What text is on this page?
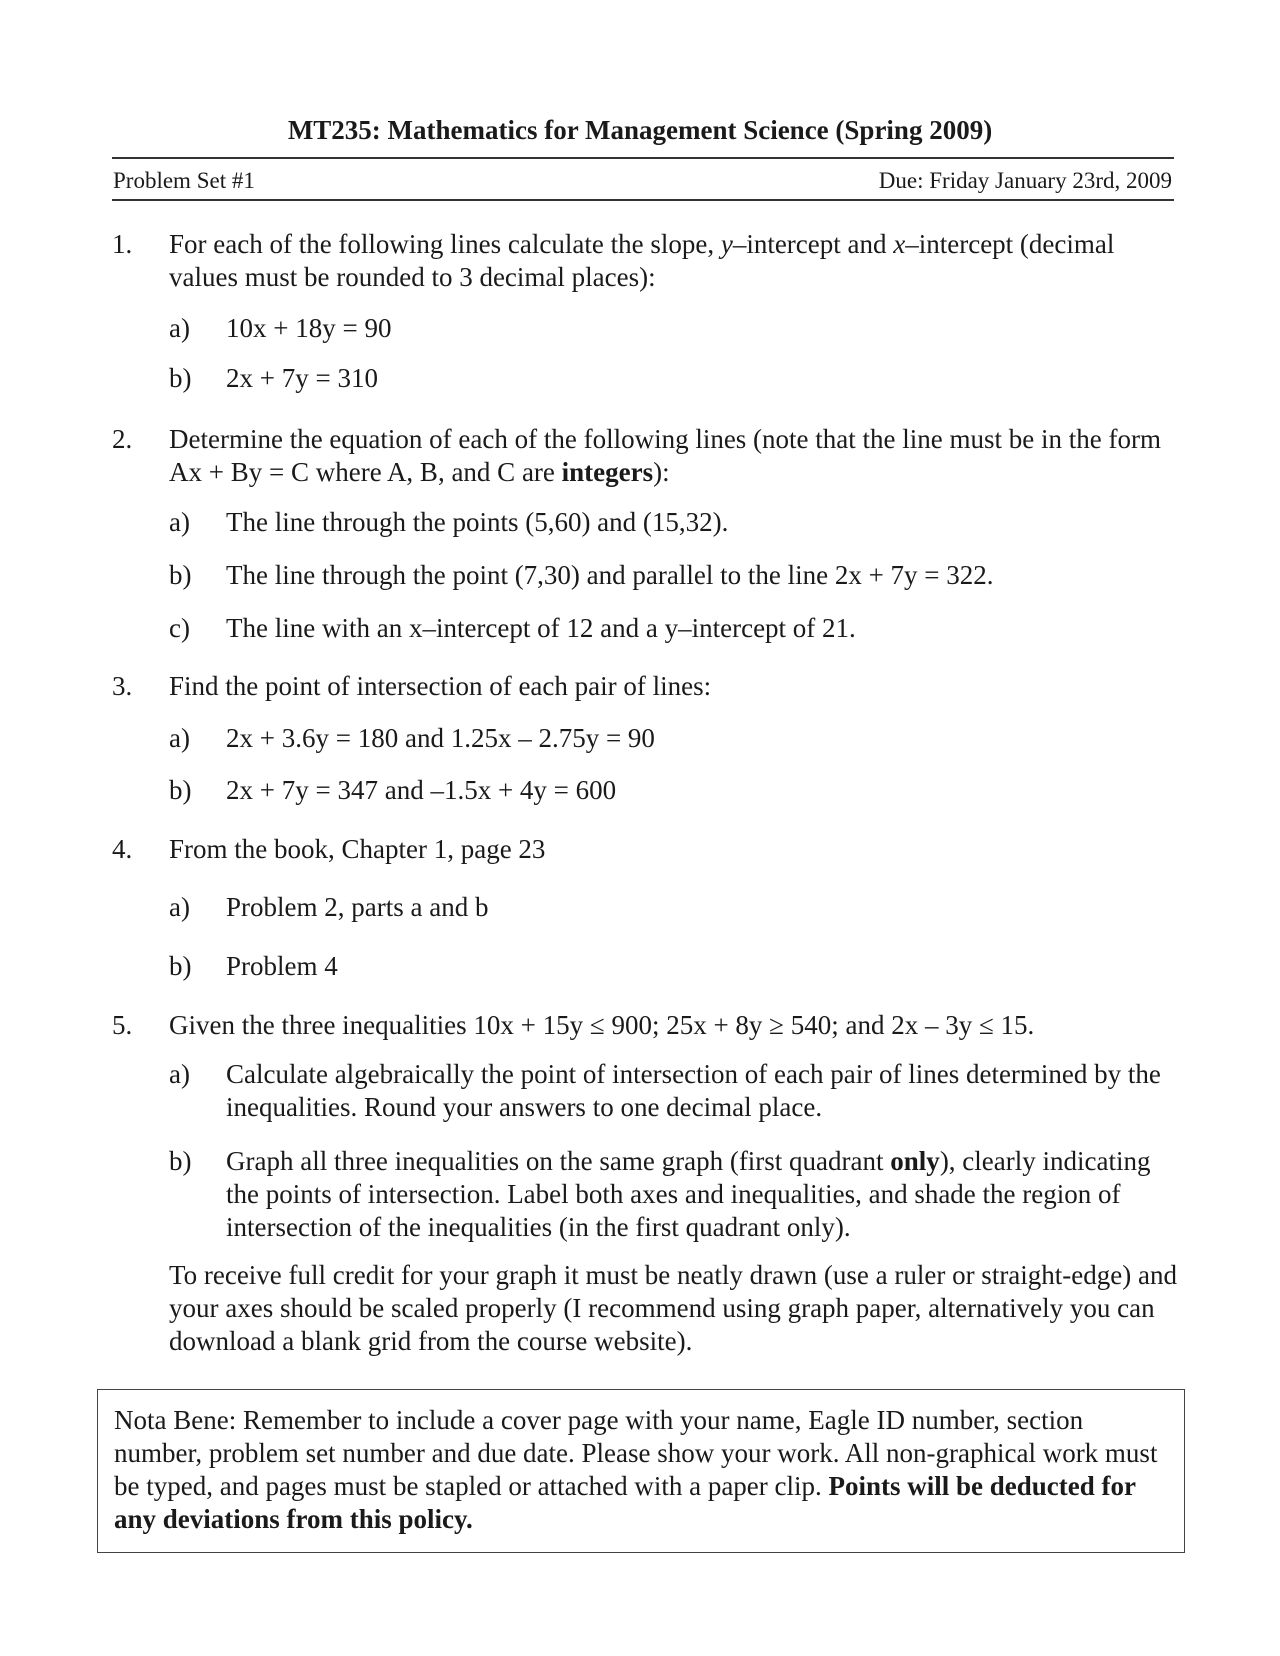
MT235: Mathematics for Management Science (Spring 2009)
Problem Set #1	Due: Friday January 23rd, 2009
1. For each of the following lines calculate the slope, y–intercept and x–intercept (decimal values must be rounded to 3 decimal places):
a) 10x + 18y = 90
b) 2x + 7y = 310
2. Determine the equation of each of the following lines (note that the line must be in the form Ax + By = C where A, B, and C are integers):
a) The line through the points (5,60) and (15,32).
b) The line through the point (7,30) and parallel to the line 2x + 7y = 322.
c) The line with an x–intercept of 12 and a y–intercept of 21.
3. Find the point of intersection of each pair of lines:
a) 2x + 3.6y = 180 and 1.25x – 2.75y = 90
b) 2x + 7y = 347 and –1.5x + 4y = 600
4. From the book, Chapter 1, page 23
a) Problem 2, parts a and b
b) Problem 4
5. Given the three inequalities 10x + 15y ≤ 900; 25x + 8y ≥ 540; and 2x – 3y ≤ 15.
a) Calculate algebraically the point of intersection of each pair of lines determined by the inequalities. Round your answers to one decimal place.
b) Graph all three inequalities on the same graph (first quadrant only), clearly indicating the points of intersection. Label both axes and inequalities, and shade the region of intersection of the inequalities (in the first quadrant only).
To receive full credit for your graph it must be neatly drawn (use a ruler or straight-edge) and your axes should be scaled properly (I recommend using graph paper, alternatively you can download a blank grid from the course website).
Nota Bene: Remember to include a cover page with your name, Eagle ID number, section number, problem set number and due date. Please show your work. All non-graphical work must be typed, and pages must be stapled or attached with a paper clip. Points will be deducted for any deviations from this policy.
